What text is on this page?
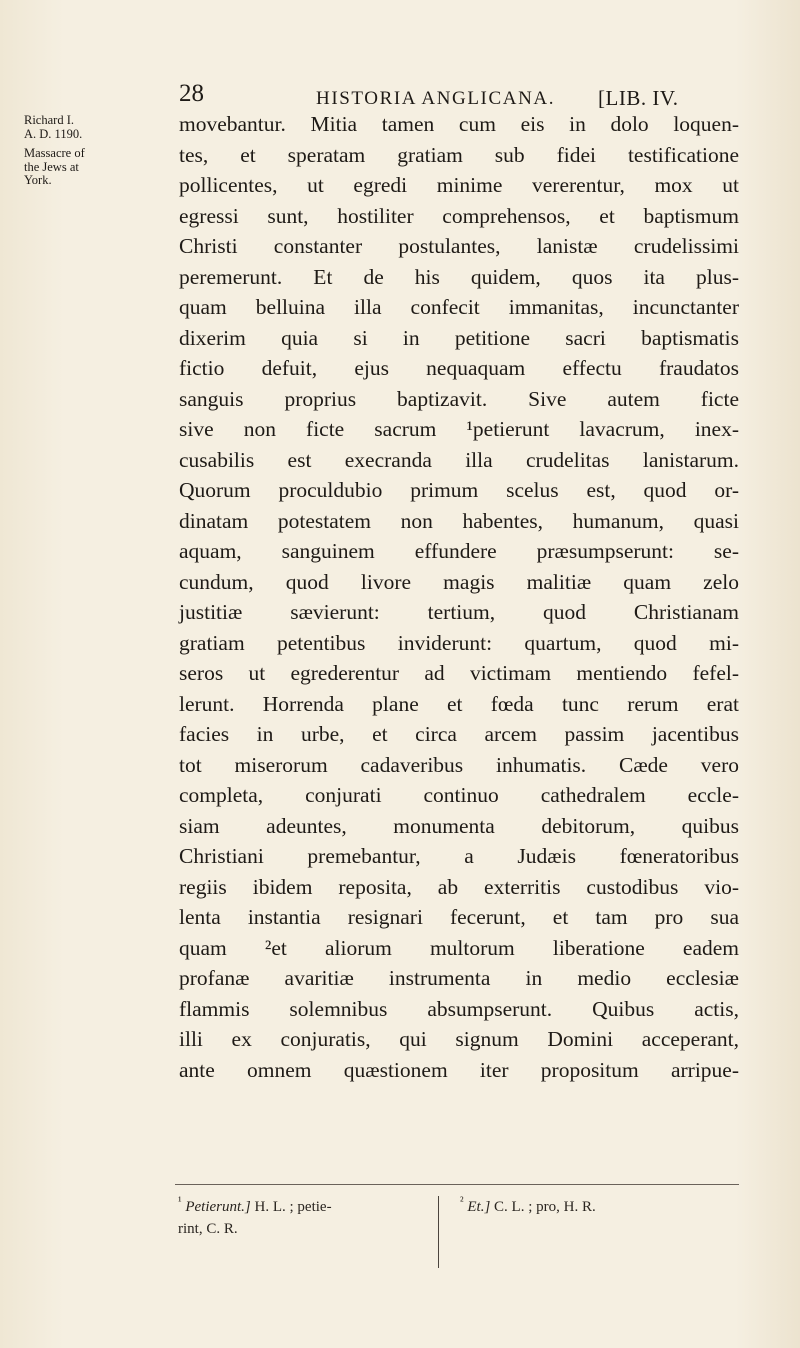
28	HISTORIA ANGLICANA. [LIB. IV.
Richard I.
A. D. 1190.
Massacre of
the Jews at
York.
movebantur. Mitia tamen cum eis in dolo loquen-
tes, et speratam gratiam sub fidei testificatione
pollicentes, ut egredi minime vererentur, mox ut
egressi sunt, hostiliter comprehensos, et baptismum
Christi constanter postulantes, lanistæ crudelissimi
peremerunt. Et de his quidem, quos ita plus-
quam belluina illa confecit immanitas, incunctanter
dixerim quia si in petitione sacri baptismatis
fictio defuit, ejus nequaquam effectu fraudatos
sanguis proprius baptizavit. Sive autem ficte
sive non ficte sacrum ¹petierunt lavacrum, inex-
cusabilis est execranda illa crudelitas lanistarum.
Quorum proculdubio primum scelus est, quod or-
dinatam potestatem non habentes, humanum, quasi
aquam, sanguinem effundere præsumpserunt: se-
cundum, quod livore magis malitiæ quam zelo
justitiæ sævierunt: tertium, quod Christianam
gratiam petentibus inviderunt: quartum, quod mi-
seros ut egrederentur ad victimam mentiendo fefel-
lerunt. Horrenda plane et fœda tunc rerum erat
facies in urbe, et circa arcem passim jacentibus
tot miserorum cadaveribus inhumatis. Cæde vero
completa, conjurati continuo cathedralem eccle-
siam adeuntes, monumenta debitorum, quibus
Christiani premebantur, a Judæis fœneratoribus
regiis ibidem reposita, ab exterritis custodibus vio-
lenta instantia resignari fecerunt, et tam pro sua
quam ²et aliorum multorum liberatione eadem
profanæ avaritiæ instrumenta in medio ecclesiæ
flammis solemnibus absumpserunt. Quibus actis,
illi ex conjuratis, qui signum Domini acceperant,
ante omnem quæstionem iter propositum arripue-
$^{^1}$ Petierunt.] H. L. ; petie-
rint, C. R.
$^{^2}$ Et.] C. L. ; pro, H. R.
